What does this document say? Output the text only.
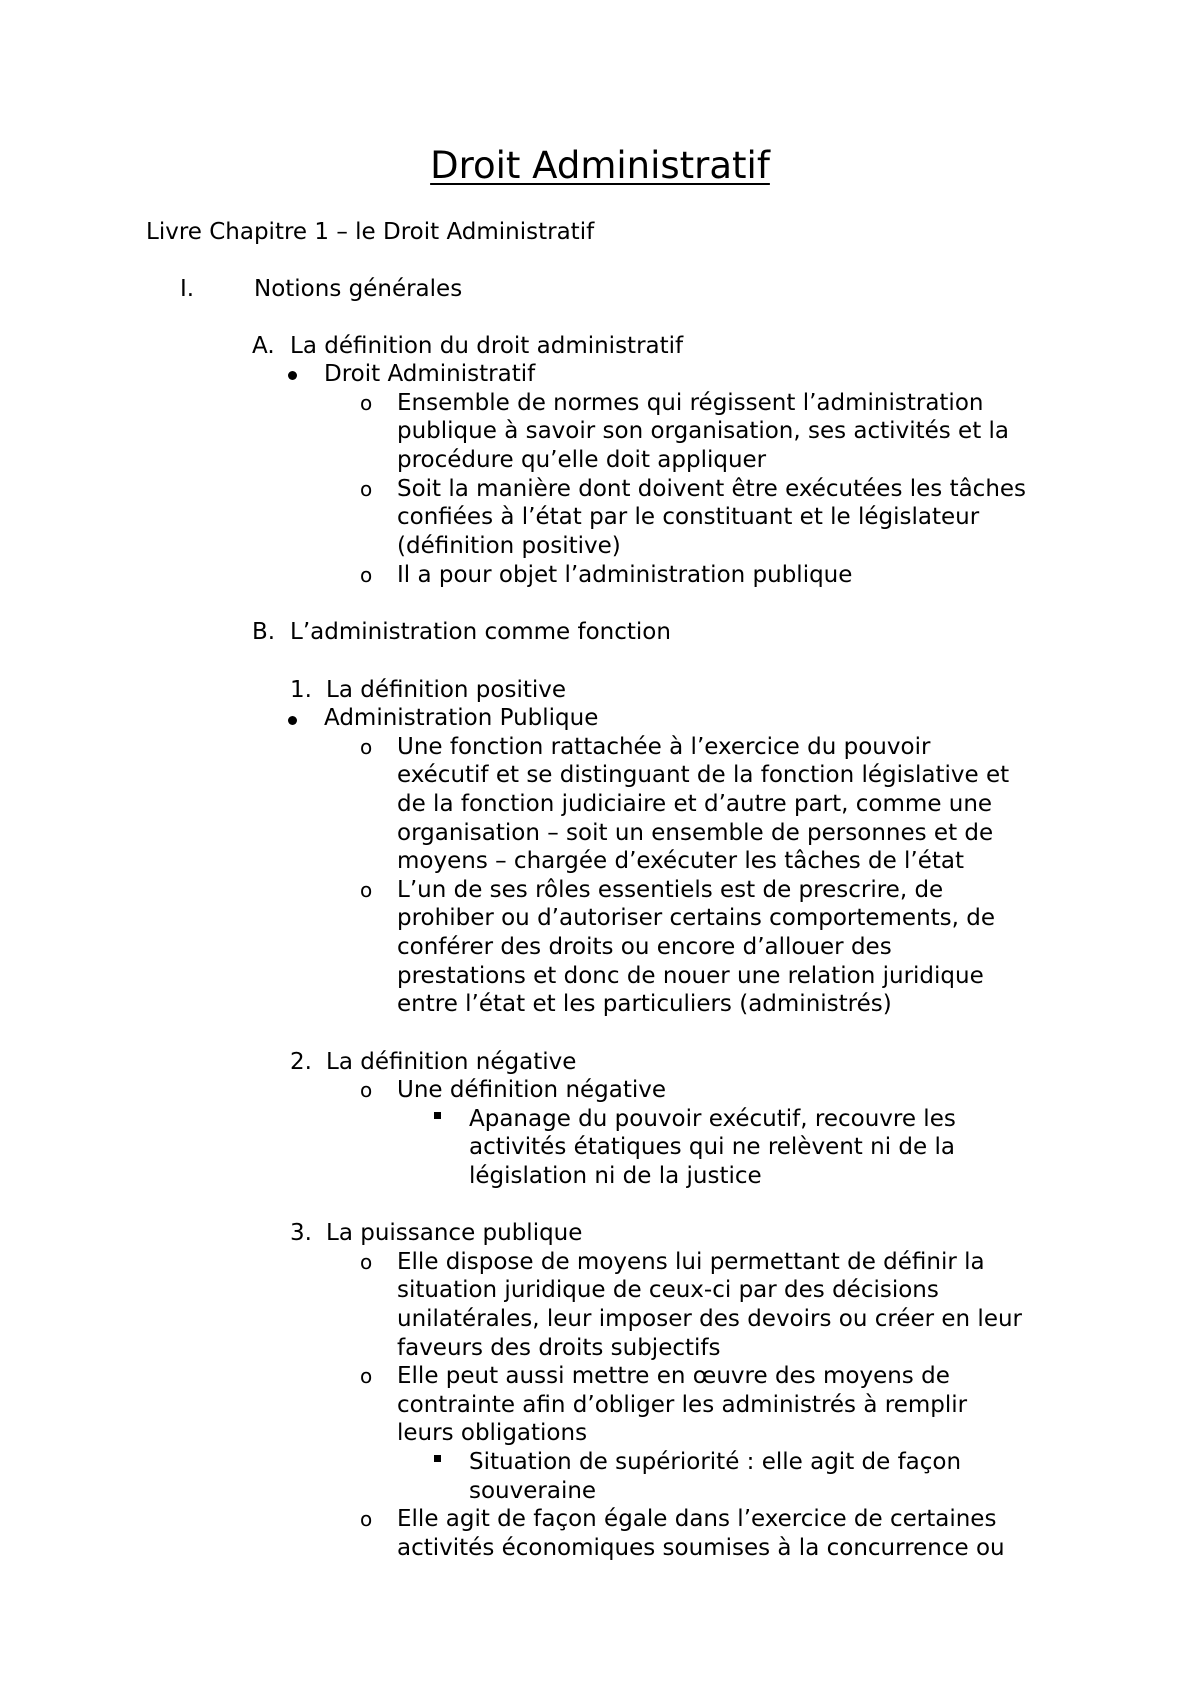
Droit Administratif
Livre Chapitre 1 – le Droit Administratif
I.	Notions générales
A. La définition du droit administratif
Droit Administratif
o Ensemble de normes qui régissent l’administration
publique à savoir son organisation, ses activités et la
procédure qu’elle doit appliquer
o Soit la manière dont doivent être exécutées les tâches
confiées à l’état par le constituant et le législateur
(définition positive)
o Il a pour objet l’administration publique
B. L’administration comme fonction
1. La définition positive
Administration Publique
o Une fonction rattachée à l’exercice du pouvoir
exécutif et se distinguant de la fonction législative et
de la fonction judiciaire et d’autre part, comme une
organisation – soit un ensemble de personnes et de
moyens – chargée d’exécuter les tâches de l’état
o L’un de ses rôles essentiels est de prescrire, de
prohiber ou d’autoriser certains comportements, de
conférer des droits ou encore d’allouer des
prestations et donc de nouer une relation juridique
entre l’état et les particuliers (administrés)
2. La définition négative
o Une définition négative
Apanage du pouvoir exécutif, recouvre les
activités étatiques qui ne relèvent ni de la
législation ni de la justice
3. La puissance publique
o Elle dispose de moyens lui permettant de définir la
situation juridique de ceux-ci par des décisions
unilatérales, leur imposer des devoirs ou créer en leur
faveurs des droits subjectifs
o Elle peut aussi mettre en œuvre des moyens de
contrainte afin d’obliger les administrés à remplir
leurs obligations
Situation de supériorité : elle agit de façon
souveraine
o Elle agit de façon égale dans l’exercice de certaines
activités économiques soumises à la concurrence ou
